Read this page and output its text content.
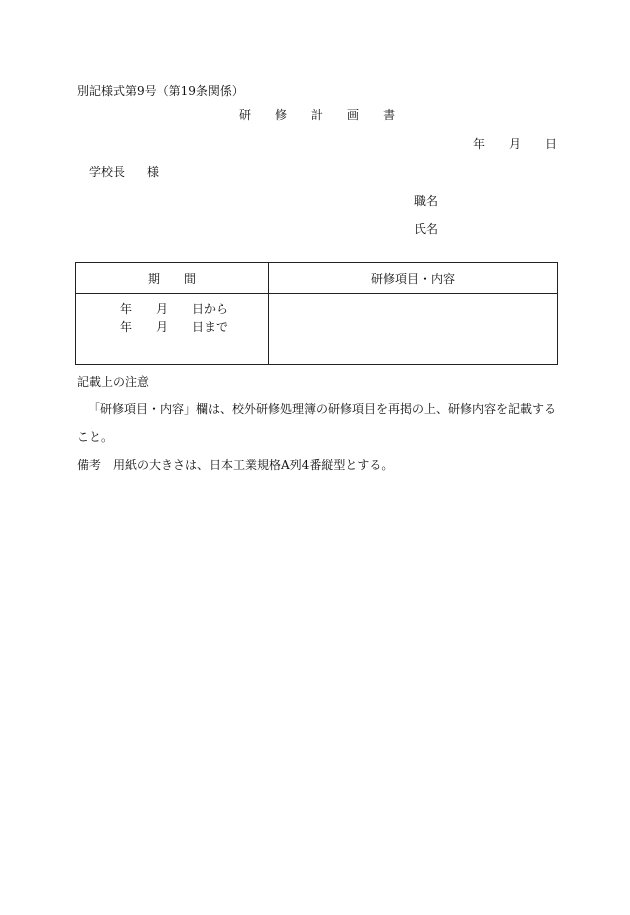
別記様式第9号（第19条関係）
研 修 計 画 書
年 月 日
学校長 様
職名
氏名
期　　間	研修項目・内容

年 月 日から
年 月 日まで	

記載上の注意
「研修項目・内容」欄は、校外研修処理簿の研修項目を再掲の上、研修内容を記載する
こと。
備考 用紙の大きさは、日本工業規格A列4番縦型とする。
